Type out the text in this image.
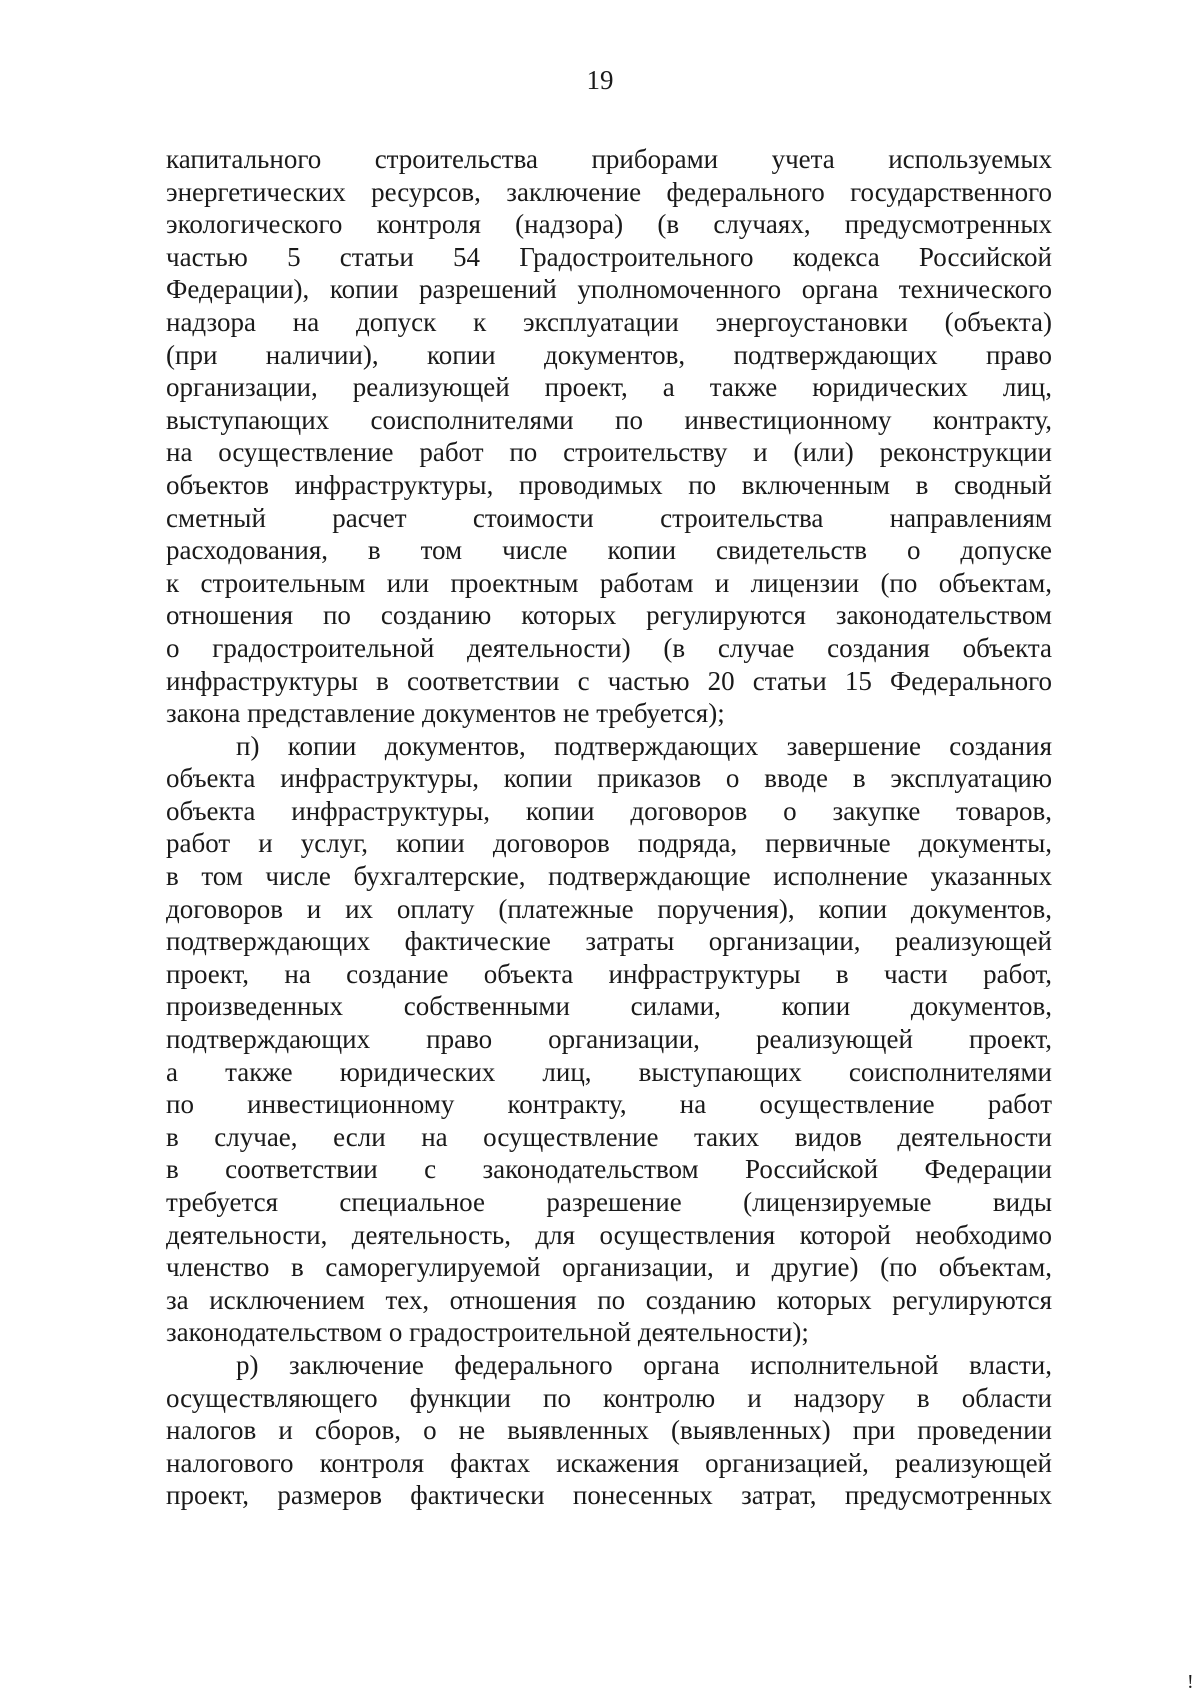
19
капитального строительства приборами учета используемых
энергетических ресурсов, заключение федерального государственного
экологического контроля (надзора) (в случаях, предусмотренных
частью 5 статьи 54 Градостроительного кодекса Российской
Федерации), копии разрешений уполномоченного органа технического
надзора на допуск к эксплуатации энергоустановки (объекта)
(при наличии), копии документов, подтверждающих право
организации, реализующей проект, а также юридических лиц,
выступающих соисполнителями по инвестиционному контракту,
на осуществление работ по строительству и (или) реконструкции
объектов инфраструктуры, проводимых по включенным в сводный
сметный расчет стоимости строительства направлениям
расходования, в том числе копии свидетельств о допуске
к строительным или проектным работам и лицензии (по объектам,
отношения по созданию которых регулируются законодательством
о градостроительной деятельности) (в случае создания объекта
инфраструктуры в соответствии с частью 20 статьи 15 Федерального
закона представление документов не требуется);
п) копии документов, подтверждающих завершение создания
объекта инфраструктуры, копии приказов о вводе в эксплуатацию
объекта инфраструктуры, копии договоров о закупке товаров,
работ и услуг, копии договоров подряда, первичные документы,
в том числе бухгалтерские, подтверждающие исполнение указанных
договоров и их оплату (платежные поручения), копии документов,
подтверждающих фактические затраты организации, реализующей
проект, на создание объекта инфраструктуры в части работ,
произведенных собственными силами, копии документов,
подтверждающих право организации, реализующей проект,
а также юридических лиц, выступающих соисполнителями
по инвестиционному контракту, на осуществление работ
в случае, если на осуществление таких видов деятельности
в соответствии с законодательством Российской Федерации
требуется специальное разрешение (лицензируемые виды
деятельности, деятельность, для осуществления которой необходимо
членство в саморегулируемой организации, и другие) (по объектам,
за исключением тех, отношения по созданию которых регулируются
законодательством о градостроительной деятельности);
р) заключение федерального органа исполнительной власти,
осуществляющего функции по контролю и надзору в области
налогов и сборов, о не выявленных (выявленных) при проведении
налогового контроля фактах искажения организацией, реализующей
проект, размеров фактически понесенных затрат, предусмотренных
!
